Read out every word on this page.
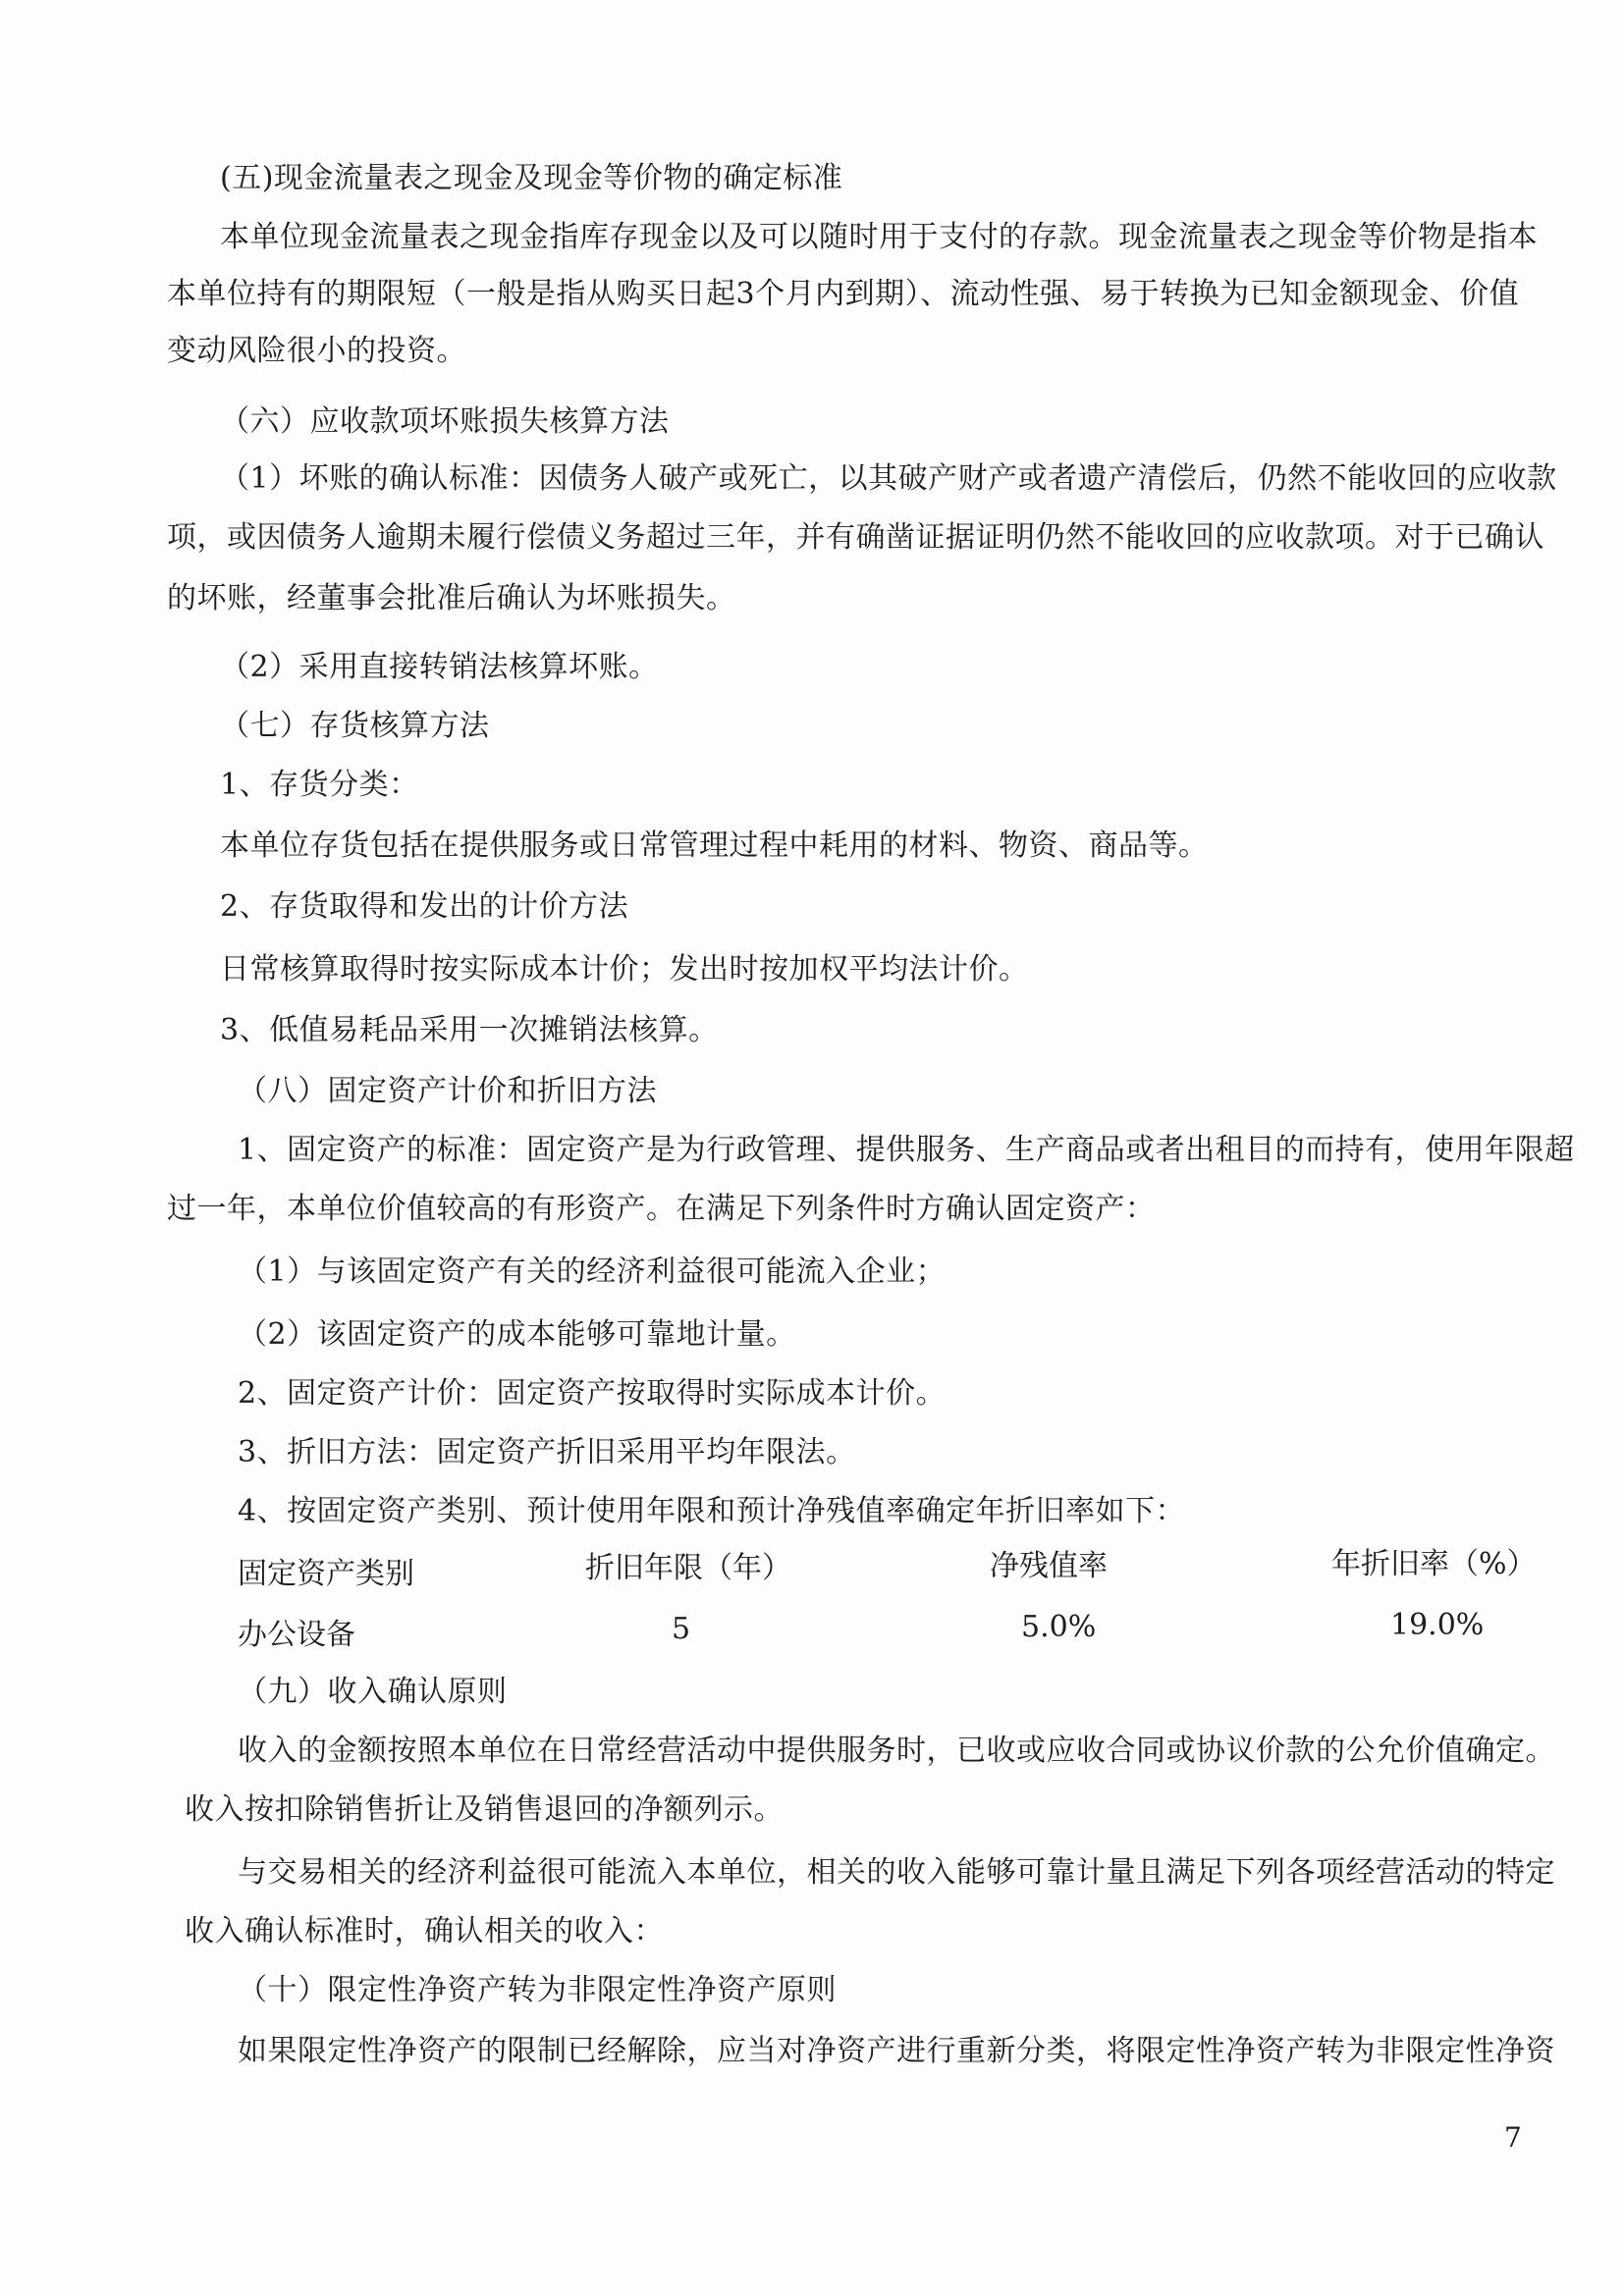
(五)现金流量表之现金及现金等价物的确定标准
本单位现金流量表之现金指库存现金以及可以随时用于支付的存款。现金流量表之现金等价物是指本
本单位持有的期限短（一般是指从购买日起3个月内到期）、流动性强、易于转换为已知金额现金、价值
变动风险很小的投资。
（六）应收款项坏账损失核算方法
（1）坏账的确认标准：因债务人破产或死亡，以其破产财产或者遗产清偿后，仍然不能收回的应收款
项，或因债务人逾期未履行偿债义务超过三年，并有确凿证据证明仍然不能收回的应收款项。对于已确认
的坏账，经董事会批准后确认为坏账损失。
（2）采用直接转销法核算坏账。
（七）存货核算方法
1、存货分类：
本单位存货包括在提供服务或日常管理过程中耗用的材料、物资、商品等。
2、存货取得和发出的计价方法
日常核算取得时按实际成本计价；发出时按加权平均法计价。
3、低值易耗品采用一次摊销法核算。
（八）固定资产计价和折旧方法
1、固定资产的标准：固定资产是为行政管理、提供服务、生产商品或者出租目的而持有，使用年限超
过一年，本单位价值较高的有形资产。在满足下列条件时方确认固定资产：
（1）与该固定资产有关的经济利益很可能流入企业；
（2）该固定资产的成本能够可靠地计量。
2、固定资产计价：固定资产按取得时实际成本计价。
3、折旧方法：固定资产折旧采用平均年限法。
4、按固定资产类别、预计使用年限和预计净残值率确定年折旧率如下：
固定资产类别	折旧年限（年）	净残值率	年折旧率（%）
办公设备	5	5.0%	19.0%
（九）收入确认原则
收入的金额按照本单位在日常经营活动中提供服务时，已收或应收合同或协议价款的公允价值确定。
收入按扣除销售折让及销售退回的净额列示。
与交易相关的经济利益很可能流入本单位，相关的收入能够可靠计量且满足下列各项经营活动的特定
收入确认标准时，确认相关的收入：
（十）限定性净资产转为非限定性净资产原则
如果限定性净资产的限制已经解除，应当对净资产进行重新分类，将限定性净资产转为非限定性净资
7
